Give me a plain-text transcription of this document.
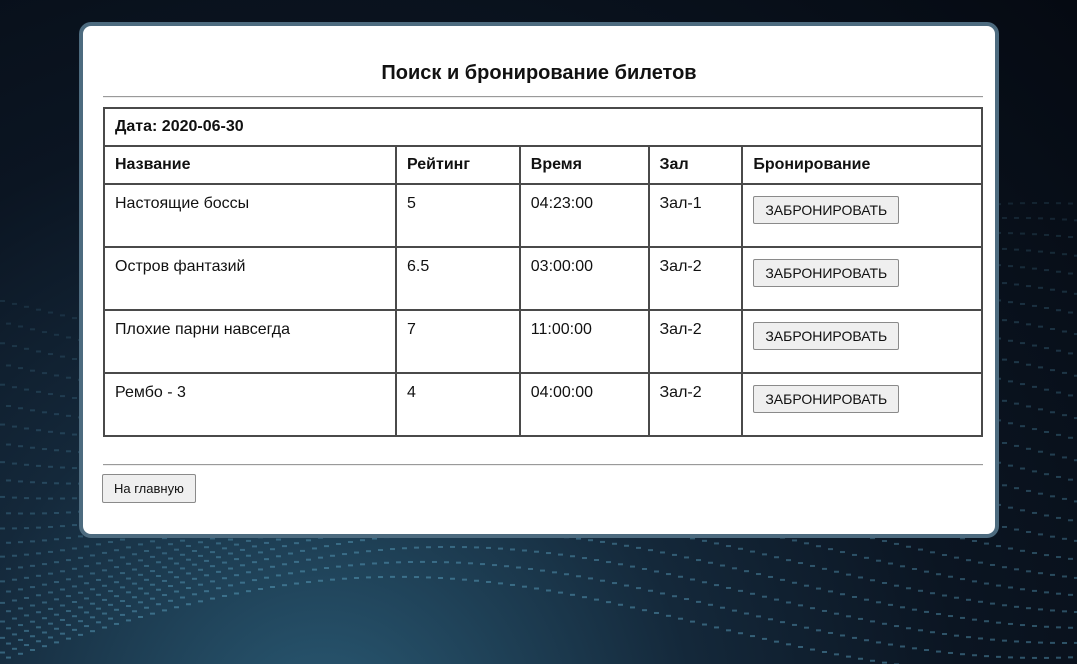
Поиск и бронирование билетов
Дата: 2020-06-30				
Название	Рейтинг	Время	Зал	Бронирование
Настоящие боссы	5	04:23:00	Зал-1	ЗАБРОНИРОВАТЬ
Остров фантазий	6.5	03:00:00	Зал-2	ЗАБРОНИРОВАТЬ
Плохие парни навсегда	7	11:00:00	Зал-2	ЗАБРОНИРОВАТЬ
Рембо - 3	4	04:00:00	Зал-2	ЗАБРОНИРОВАТЬ
На главную
